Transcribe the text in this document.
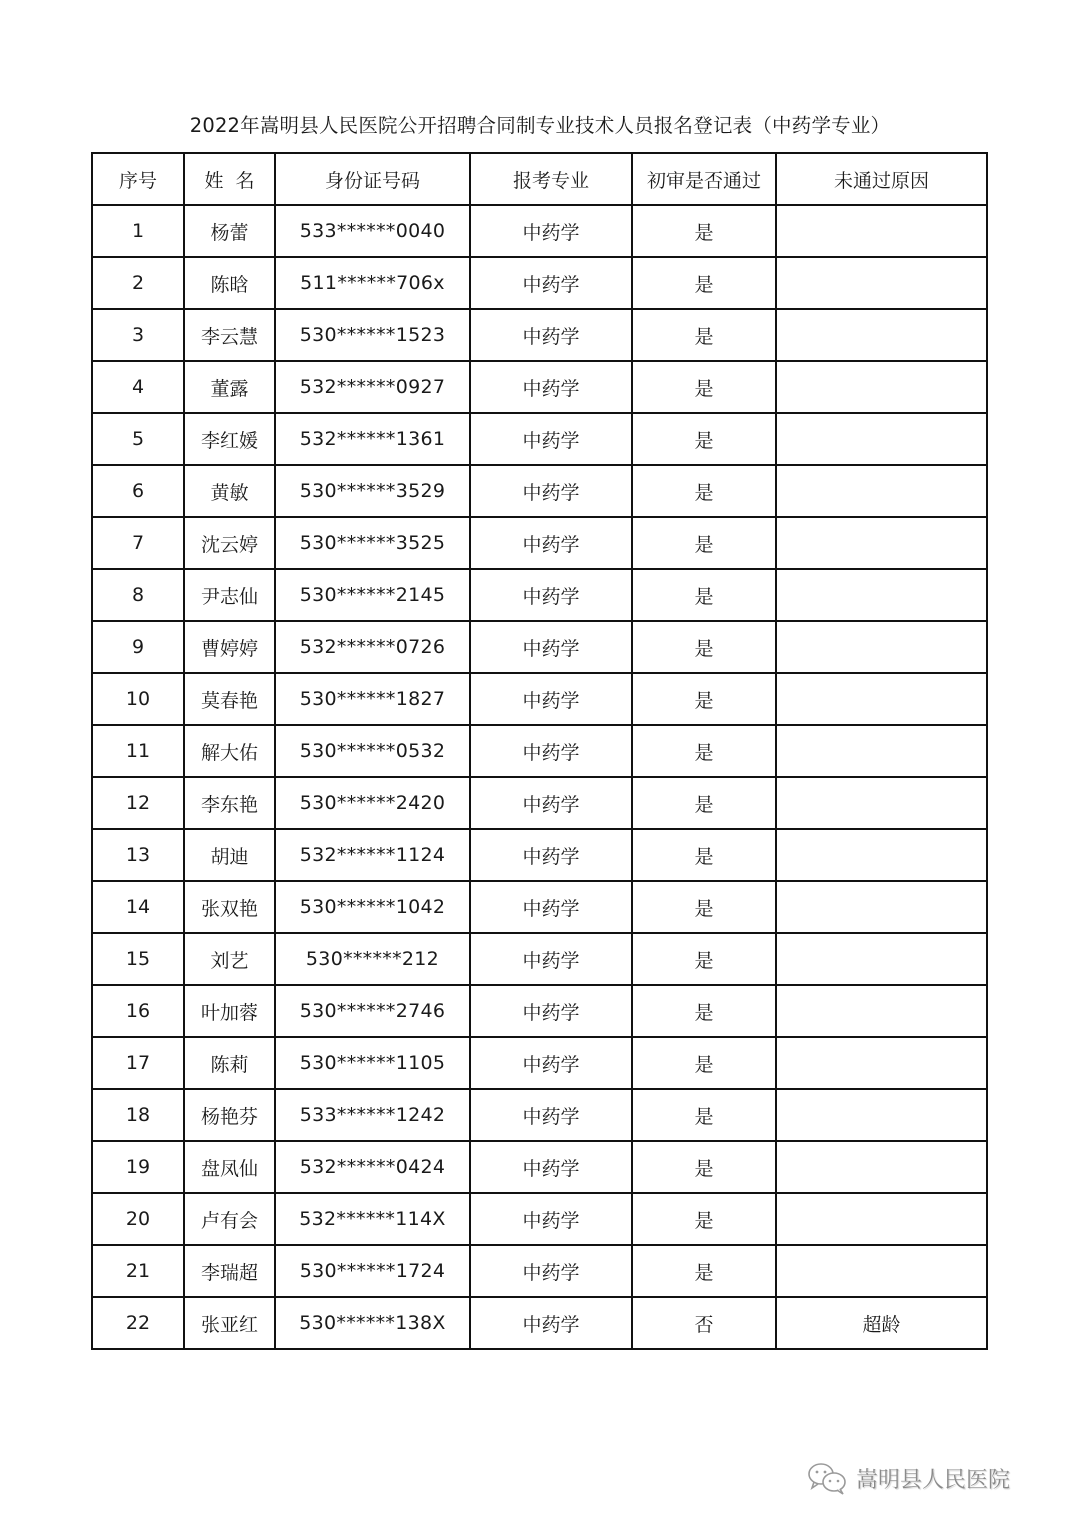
2022年嵩明县人民医院公开招聘合同制专业技术人员报名登记表（中药学专业）
序号	姓  名	身份证号码	报考专业	初审是否通过	未通过原因
1	杨蕾	533******0040	中药学	是	
2	陈晗	511******706x	中药学	是	
3	李云慧	530******1523	中药学	是	
4	董露	532******0927	中药学	是	
5	李红媛	532******1361	中药学	是	
6	黄敏	530******3529	中药学	是	
7	沈云婷	530******3525	中药学	是	
8	尹志仙	530******2145	中药学	是	
9	曹婷婷	532******0726	中药学	是	
10	莫春艳	530******1827	中药学	是	
11	解大佑	530******0532	中药学	是	
12	李东艳	530******2420	中药学	是	
13	胡迪	532******1124	中药学	是	
14	张双艳	530******1042	中药学	是	
15	刘艺	530******212	中药学	是	
16	叶加蓉	530******2746	中药学	是	
17	陈莉	530******1105	中药学	是	
18	杨艳芬	533******1242	中药学	是	
19	盘凤仙	532******0424	中药学	是	
20	卢有会	532******114X	中药学	是	
21	李瑞超	530******1724	中药学	是	
22	张亚红	530******138X	中药学	否	超龄
嵩明县人民医院
